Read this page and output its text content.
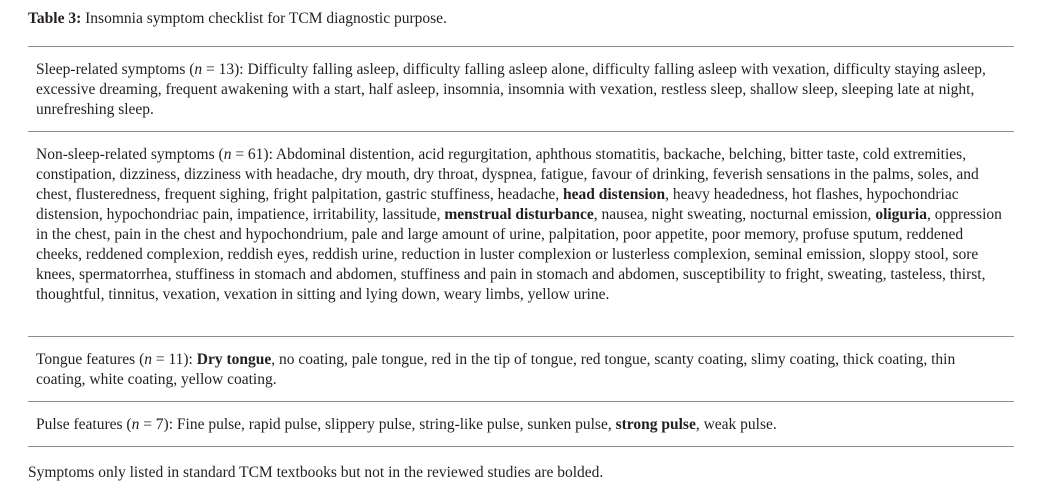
Table 3: Insomnia symptom checklist for TCM diagnostic purpose.
Sleep-related symptoms (n = 13): Difficulty falling asleep, difficulty falling asleep alone, difficulty falling asleep with vexation, difficulty staying asleep, excessive dreaming, frequent awakening with a start, half asleep, insomnia, insomnia with vexation, restless sleep, shallow sleep, sleeping late at night, unrefreshing sleep.
Non-sleep-related symptoms (n = 61): Abdominal distention, acid regurgitation, aphthous stomatitis, backache, belching, bitter taste, cold extremities, constipation, dizziness, dizziness with headache, dry mouth, dry throat, dyspnea, fatigue, favour of drinking, feverish sensations in the palms, soles, and chest, flusteredness, frequent sighing, fright palpitation, gastric stuffiness, headache, head distension, heavy headedness, hot flashes, hypochondriac distension, hypochondriac pain, impatience, irritability, lassitude, menstrual disturbance, nausea, night sweating, nocturnal emission, oliguria, oppression in the chest, pain in the chest and hypochondrium, pale and large amount of urine, palpitation, poor appetite, poor memory, profuse sputum, reddened cheeks, reddened complexion, reddish eyes, reddish urine, reduction in luster complexion or lusterless complexion, seminal emission, sloppy stool, sore knees, spermatorrhea, stuffiness in stomach and abdomen, stuffiness and pain in stomach and abdomen, susceptibility to fright, sweating, tasteless, thirst, thoughtful, tinnitus, vexation, vexation in sitting and lying down, weary limbs, yellow urine.
Tongue features (n = 11): Dry tongue, no coating, pale tongue, red in the tip of tongue, red tongue, scanty coating, slimy coating, thick coating, thin coating, white coating, yellow coating.
Pulse features (n = 7): Fine pulse, rapid pulse, slippery pulse, string-like pulse, sunken pulse, strong pulse, weak pulse.
Symptoms only listed in standard TCM textbooks but not in the reviewed studies are bolded.
